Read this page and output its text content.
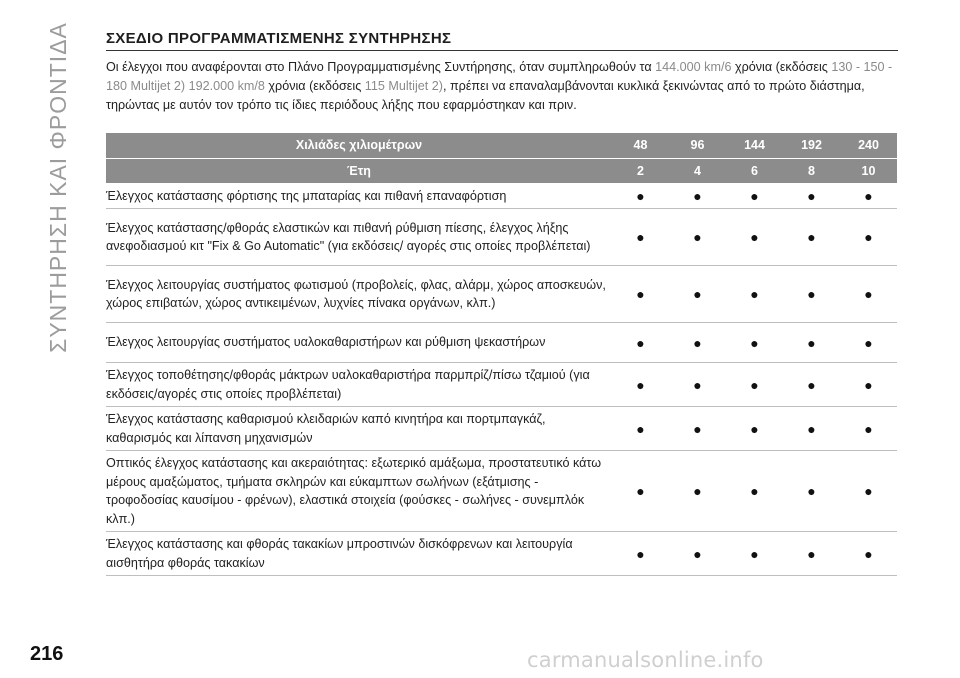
ΣΥΝΤΗΡΗΣΗ ΚΑΙ ΦΡΟΝΤΙΔΑ ΣΧΕΔΙΟ ΠΡΟΓΡΑΜΜΑΤΙΣΜΕΝΗΣ ΣΥΝΤΗΡΗΣΗΣ
Οι έλεγχοι που αναφέρονται στο Πλάνο Προγραμματισμένης Συντήρησης, όταν συμπληρωθούν τα 144.000 km/6 χρόνια (εκδόσεις 130 - 150 - 180 Multijet 2) 192.000 km/8 χρόνια (εκδόσεις 115 Multijet 2), πρέπει να επαναλαμβάνονται κυκλικά ξεκινώντας από το πρώτο διάστημα, τηρώντας με αυτόν τον τρόπο τις ίδιες περιόδους λήξης που εφαρμόστηκαν και πριν.
Χιλιάδες χιλιομέτρων	48	96	144	192	240
Έτη	2	4	6	8	10
Έλεγχος κατάστασης φόρτισης της μπαταρίας και πιθανή επαναφόρτιση	●	●	●	●	●
Έλεγχος κατάστασης/φθοράς ελαστικών και πιθανή ρύθμιση πίεσης, έλεγχος λήξης ανεφοδιασμού κιτ "Fix & Go Automatic" (για εκδόσεις/ αγορές στις οποίες προβλέπεται)	●	●	●	●	●
Έλεγχος λειτουργίας συστήματος φωτισμού (προβολείς, φλας, αλάρμ, χώρος αποσκευών, χώρος επιβατών, χώρος αντικειμένων, λυχνίες πίνακα οργάνων, κλπ.)	●	●	●	●	●
Έλεγχος λειτουργίας συστήματος υαλοκαθαριστήρων και ρύθμιση ψεκαστήρων	●	●	●	●	●
Έλεγχος τοποθέτησης/φθοράς μάκτρων υαλοκαθαριστήρα παρμπρίζ/πίσω τζαμιού (για εκδόσεις/αγορές στις οποίες προβλέπεται)	●	●	●	●	●
Έλεγχος κατάστασης καθαρισμού κλειδαριών καπό κινητήρα και πορτμπαγκάζ, καθαρισμός και λίπανση μηχανισμών	●	●	●	●	●
Οπτικός έλεγχος κατάστασης και ακεραιότητας: εξωτερικό αμάξωμα, προστατευτικό κάτω μέρους αμαξώματος, τμήματα σκληρών και εύκαμπτων σωλήνων (εξάτμισης - τροφοδοσίας καυσίμου - φρένων), ελαστικά στοιχεία (φούσκες - σωλήνες - συνεμπλόκ κλπ.)	●	●	●	●	●
Έλεγχος κατάστασης και φθοράς τακακίων μπροστινών δισκόφρενων και λειτουργία αισθητήρα φθοράς τακακίων	●	●	●	●	●
216	carmanualsonline.info
